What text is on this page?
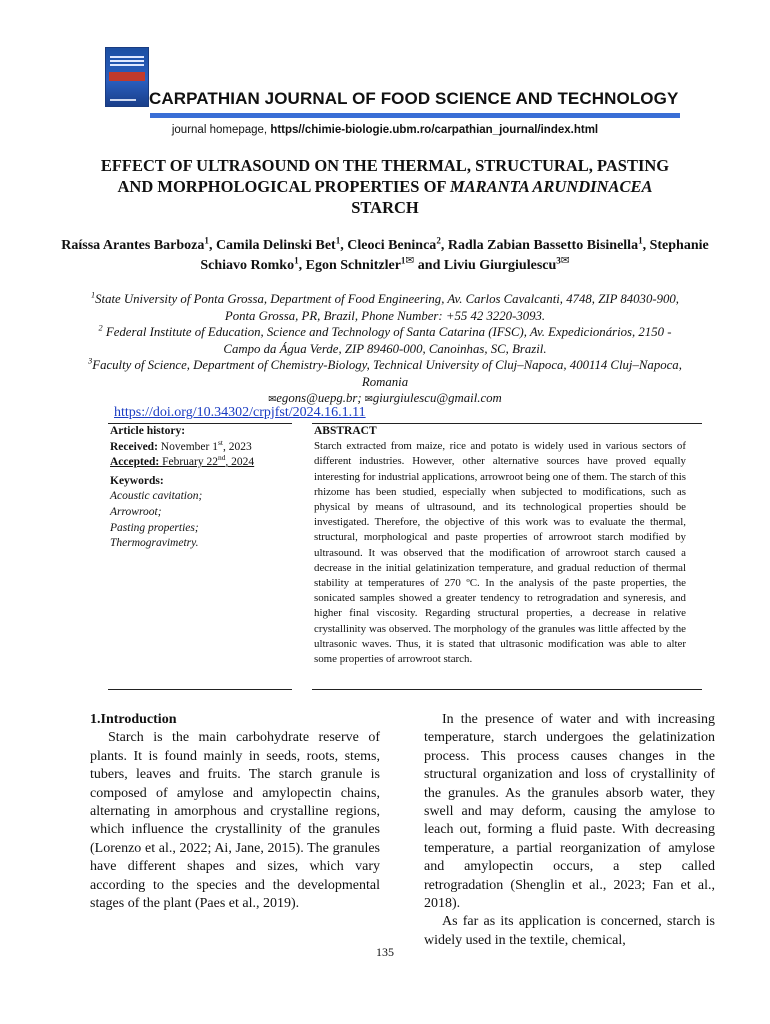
CARPATHIAN JOURNAL OF FOOD SCIENCE AND TECHNOLOGY
journal homepage, https//chimie-biologie.ubm.ro/carpathian_journal/index.html
EFFECT OF ULTRASOUND ON THE THERMAL, STRUCTURAL, PASTING
AND MORPHOLOGICAL PROPERTIES OF MARANTA ARUNDINACEA
STARCH
Raíssa Arantes Barboza$^1$, Camila Delinski Bet$^1$, Cleoci Beninca$^2$, Radla Zabian Bassetto Bisinella$^1$, Stephanie Schiavo Romko$^1$, Egon Schnitzler$^{1✉}$ and Liviu Giurgiulescu$^{3✉}$
$^1$State University of Ponta Grossa, Department of Food Engineering, Av. Carlos Cavalcanti, 4748, ZIP 84030-900, Ponta Grossa, PR, Brazil, Phone Number: +55 42 3220-3093.
$^2$ Federal Institute of Education, Science and Technology of Santa Catarina (IFSC), Av. Expedicionários, 2150 - Campo da Água Verde, ZIP 89460-000, Canoinhas, SC, Brazil.
$^3$Faculty of Science, Department of Chemistry-Biology, Technical University of Cluj–Napoca, 400114 Cluj–Napoca, Romania
✉egons@uepg.br; ✉giurgiulescu@gmail.com
https://doi.org/10.34302/crpjfst/2024.16.1.11
Article history:
Received: November 1st, 2023
Accepted: February 22nd, 2024
Keywords:
Acoustic cavitation;
Arrowroot;
Pasting properties;
Thermogravimetry.
ABSTRACT
Starch extracted from maize, rice and potato is widely used in various sectors of different industries. However, other alternative sources have proved equally interesting for industrial applications, arrowroot being one of them. The starch of this rhizome has been studied, especially when subjected to modifications, such as physical by means of ultrasound, and its technological properties should be investigated. Therefore, the objective of this work was to evaluate the thermal, structural, morphological and paste properties of arrowroot starch modified by ultrasound. It was observed that the modification of arrowroot starch caused a decrease in the initial gelatinization temperature, and gradual reduction of thermal stability at temperatures of 270 ºC. In the analysis of the paste properties, the sonicated samples showed a greater tendency to retrogradation and syneresis, and higher final viscosity. Regarding structural properties, a decrease in relative crystallinity was observed. The morphology of the granules was little affected by the ultrasonic waves. Thus, it is stated that ultrasonic modification was able to alter some properties of arrowroot starch.

1.Introduction

Starch is the main carbohydrate reserve of plants. It is found mainly in seeds, roots, stems, tubers, leaves and fruits. The starch granule is composed of amylose and amylopectin chains, alternating in amorphous and crystalline regions, which influence the crystallinity of the granules (Lorenzo et al., 2022; Ai, Jane, 2015). The granules have different shapes and sizes, which vary according to the species and the developmental stages of the plant (Paes et al., 2019).

In the presence of water and with increasing temperature, starch undergoes the gelatinization process. This process causes changes in the structural organization and loss of crystallinity of the granules. As the granules absorb water, they swell and may deform, causing the amylose to leach out, forming a fluid paste. With decreasing temperature, a partial reorganization of amylose and amylopectin occurs, a step called retrogradation (Shenglin et al., 2023; Fan et al., 2018).

As far as its application is concerned, starch is widely used in the textile, chemical,

135
